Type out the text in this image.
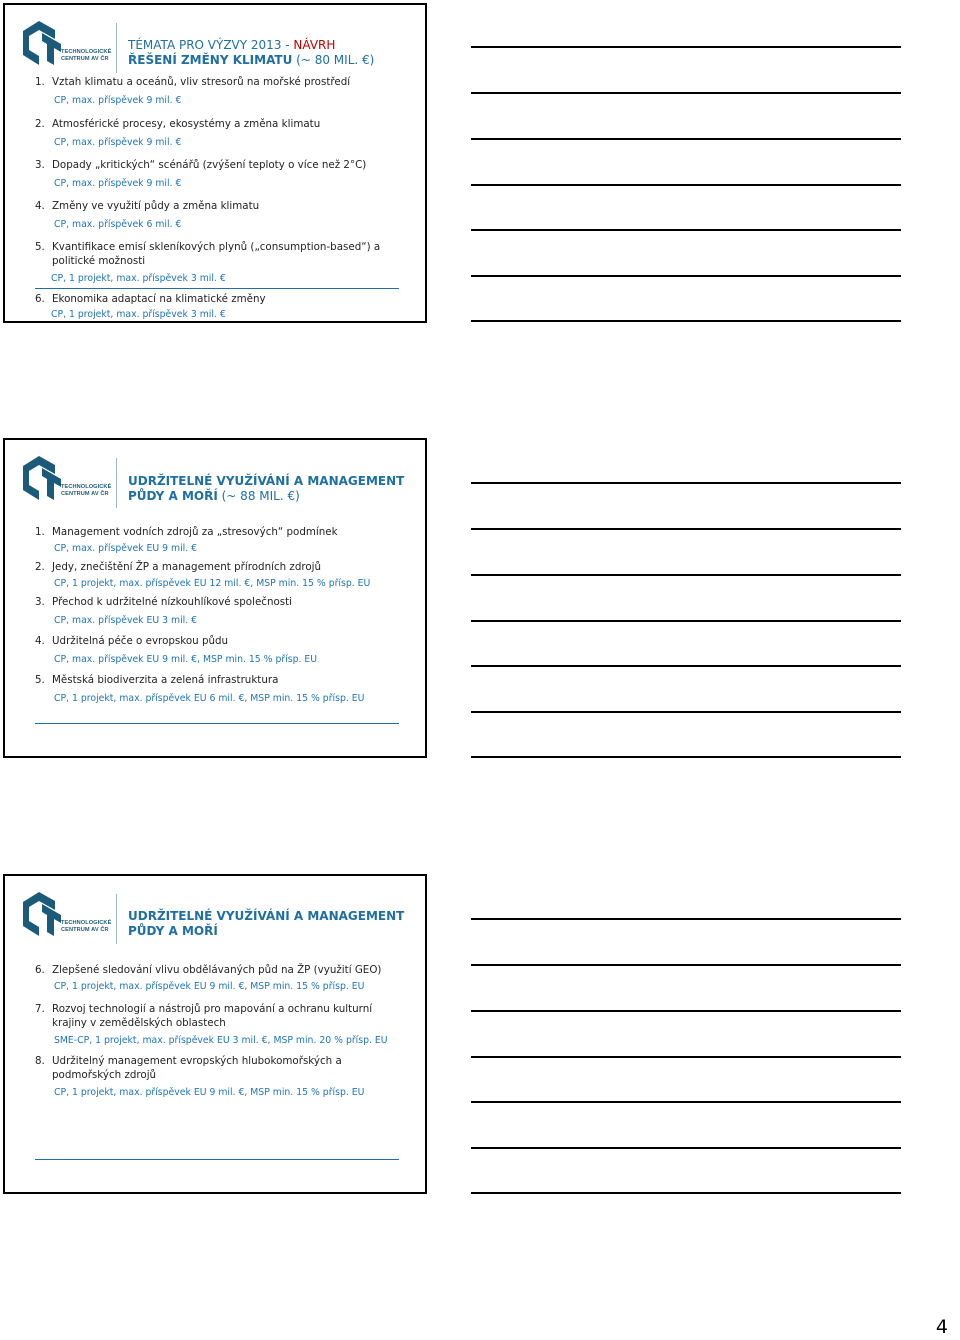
TECHNOLOGICKÉ
CENTRUM AV ČR
TÉMATA PRO VÝZVY 2013 - NÁVRH
ŘEŠENÍ ZMĚNY KLIMATU (~ 80 MIL. €)
1. Vztah klimatu a oceánů, vliv stresorů na mořské prostředí
CP, max. příspěvek 9 mil. €
2. Atmosférické procesy, ekosystémy a změna klimatu
CP, max. příspěvek 9 mil. €
3. Dopady „kritických“ scénářů (zvýšení teploty o více než 2°C)
CP, max. příspěvek 9 mil. €
4. Změny ve využití půdy a změna klimatu
CP, max. příspěvek 6 mil. €
5. Kvantifikace emisí skleníkových plynů („consumption-based“) a politické možnosti
CP, 1 projekt, max. příspěvek 3 mil. €
6. Ekonomika adaptací na klimatické změny
CP, 1 projekt, max. příspěvek 3 mil. €
TECHNOLOGICKÉ
CENTRUM AV ČR
UDRŽITELNÉ VYUŽÍVÁNÍ A MANAGEMENT
PŮDY A MOŘÍ (~ 88 MIL. €)
1. Management vodních zdrojů za „stresových“ podmínek
CP, max. příspěvek EU 9 mil. €
2. Jedy, znečištění ŽP a management přírodních zdrojů
CP, 1 projekt, max. příspěvek EU 12 mil. €, MSP min. 15 % přísp. EU
3. Přechod k udržitelné nízkouhlíkové společnosti
CP, max. příspěvek EU 3 mil. €
4. Udržitelná péče o evropskou půdu
CP, max. příspěvek EU 9 mil. €, MSP min. 15 % přísp. EU
5. Městská biodiverzita a zelená infrastruktura
CP, 1 projekt, max. příspěvek EU 6 mil. €, MSP min. 15 % přísp. EU
TECHNOLOGICKÉ
CENTRUM AV ČR
UDRŽITELNÉ VYUŽÍVÁNÍ A MANAGEMENT
PŮDY A MOŘÍ
6. Zlepšené sledování vlivu obdělávaných půd na ŽP (využití GEO)
CP, 1 projekt, max. příspěvek EU 9 mil. €, MSP min. 15 % přísp. EU
7. Rozvoj technologií a nástrojů pro mapování a ochranu kulturní krajiny v zemědělských oblastech
SME-CP, 1 projekt, max. příspěvek EU 3 mil. €, MSP min. 20 % přísp. EU
8. Udržitelný management evropských hlubokomořských a podmořských zdrojů
CP, 1 projekt, max. příspěvek EU 9 mil. €, MSP min. 15 % přísp. EU
4
